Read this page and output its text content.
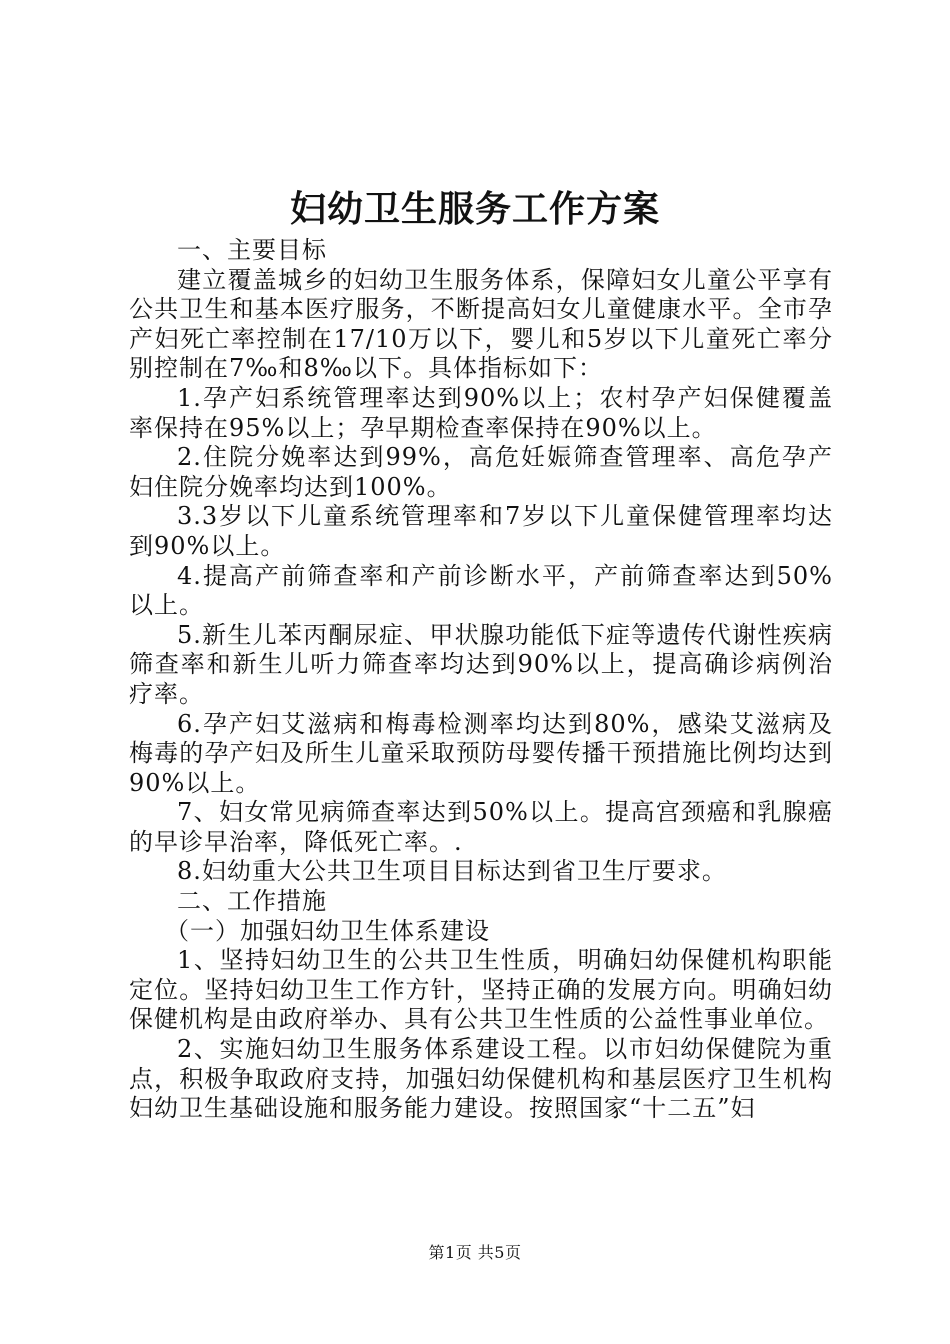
妇幼卫生服务工作方案

一、主要目标

建立覆盖城乡的妇幼卫生服务体系，保障妇女儿童公平享有公共卫生和基本医疗服务，不断提高妇女儿童健康水平。全市孕产妇死亡率控制在17/10万以下，婴儿和5岁以下儿童死亡率分别控制在7‰和8‰以下。具体指标如下：

1.孕产妇系统管理率达到90%以上；农村孕产妇保健覆盖率保持在95%以上；孕早期检查率保持在90%以上。

2.住院分娩率达到99%，高危妊娠筛查管理率、高危孕产妇住院分娩率均达到100%。

3.3岁以下儿童系统管理率和7岁以下儿童保健管理率均达到90%以上。

4.提高产前筛查率和产前诊断水平，产前筛查率达到50%以上。

5.新生儿苯丙酮尿症、甲状腺功能低下症等遗传代谢性疾病筛查率和新生儿听力筛查率均达到90%以上，提高确诊病例治疗率。

6.孕产妇艾滋病和梅毒检测率均达到80%，感染艾滋病及梅毒的孕产妇及所生儿童采取预防母婴传播干预措施比例均达到90%以上。

7、妇女常见病筛查率达到50%以上。提高宫颈癌和乳腺癌的早诊早治率，降低死亡率。.

8.妇幼重大公共卫生项目目标达到省卫生厅要求。

二、工作措施

（一）加强妇幼卫生体系建设

1、坚持妇幼卫生的公共卫生性质，明确妇幼保健机构职能定位。坚持妇幼卫生工作方针，坚持正确的发展方向。明确妇幼保健机构是由政府举办、具有公共卫生性质的公益性事业单位。

2、实施妇幼卫生服务体系建设工程。以市妇幼保健院为重点，积极争取政府支持，加强妇幼保健机构和基层医疗卫生机构妇幼卫生基础设施和服务能力建设。按照国家“十二五”妇

第1页 共5页
